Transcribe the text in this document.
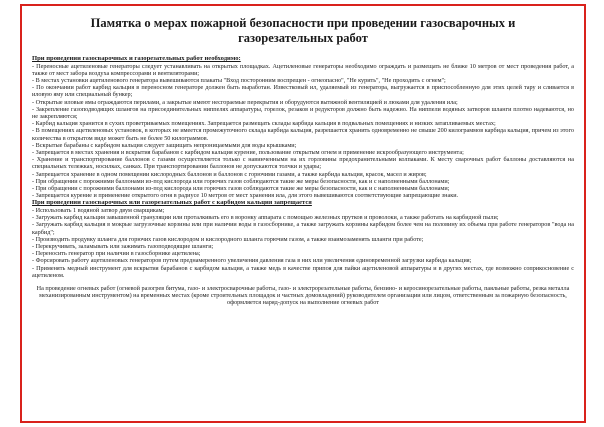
Памятка о мерах пожарной безопасности при проведении газосварочных и
газорезательных работ

При проведении газосварочных и газорезательных работ необходимо:

- Переносные ацетиленовые генераторы следует устанавливать на открытых площадках. Ацетиленовые генераторы необходимо ограждать и размещать не ближе 10 метров от мест проведения работ, а также от мест забора воздуха компрессорами и вентиляторами;

- В местах установки ацетиленового генератора вывешиваются плакаты "Вход посторонним воспрещен - огнеопасно", "Не курить", "Не проходить с огнем";

- По окончании работ карбид кальция в переносном генераторе должен быть выработан. Известковый ил, удаляемый из генератора, выгружается в приспособленную для этих целей тару и сливается в иловую яму или специальный бункер;

- Открытые иловые ямы ограждаются перилами, а закрытые имеют несгораемые перекрытия и оборудуются вытяжной вентиляцией и люками для удаления ила;

- Закрепление газоподводящих шлангов на присоединительных ниппелях аппаратуры, горелок, резаков и редукторов должно быть надежно. На ниппели водяных затворов шланги плотно надеваются, но не закрепляются;

- Карбид кальция хранится в сухих проветриваемых помещениях. Запрещается размещать склады карбида кальция в подвальных помещениях и низких затапливаемых местах;

- В помещениях ацетиленовых установок, в которых не имеется промежуточного склада карбида кальция, разрешается хранить одновременно не свыше 200 килограммов карбида кальция, причем из этого количества в открытом виде может быть не более 50 килограммов.

- Вскрытые барабаны с карбидом кальция следует защищать непроницаемыми для воды крышками;

- Запрещается в местах хранения и вскрытия барабанов с карбидом кальция курение, пользование открытым огнем и применение искрообразующего инструмента;

- Хранение и транспортирование баллонов с газами осуществляется только с навинченными на их горловины предохранительными колпаками. К месту сварочных работ баллоны доставляются на специальных тележках, носилках, санках. При транспортировании баллонов не допускаются толчки и удары;

- Запрещается хранение в одном помещении кислородных баллонов и баллонов с горючими газами, а также карбида кальция, красок, масел и жиров;

- При обращении с порожними баллонами из-под кислорода или горючих газов соблюдаются такие же меры безопасности, как и с наполненными баллонами;

- При обращении с порожними баллонами из-под кислорода или горючих газов соблюдаются такие же меры безопасности, как и с наполненными баллонами;

- Запрещается курение и применение открытого огня в радиусе 10 метров от мест хранения ила, для этого вывешиваются соответствующие запрещающие знаки.

При проведении газосварочных или газорезательных работ с карбидом кальция запрещается

- Использовать 1 водяной затвор двум сварщикам;

- Загружать карбид кальция завышенной грануляции или проталкивать его в воронку аппарата с помощью железных прутков и проволоки, а также работать на карбидной пыли;

- Загружать карбид кальция в мокрые загрузочные корзины или при наличии воды в газосборнике, а также загружать корзины карбидом более чем на половину их объема при работе генераторов "вода на карбид";

- Производить продувку шланга для горючих газов кислородом и кислородного шланга горючим газом, а также взаимозаменять шланги при работе;

- Перекручивать, заламывать или зажимать газоподводящие шланги;

- Переносить генератор при наличии в газосборнике ацетилена;

- Форсировать работу ацетиленовых генераторов путем преднамеренного увеличения давления газа в них или увеличения единовременной загрузки карбида кальция;

- Применять медный инструмент для вскрытия барабанов с карбидом кальция, а также медь в качестве припоя для пайки ацетиленовой аппаратуры и в других местах, где возможно соприкосновение с ацетиленом.

На проведение огневых работ (огневой разогрев битума, газо- и электросварочные работы, газо- и электрорезательные работы, бензино- и керосинорезательные работы, паяльные работы, резка металла механизированным инструментом) на временных местах (кроме строительных площадок и частных домовладений) руководителем организации или лицом, ответственным за пожарную безопасность, оформляется наряд-допуск на выполнение огневых работ
